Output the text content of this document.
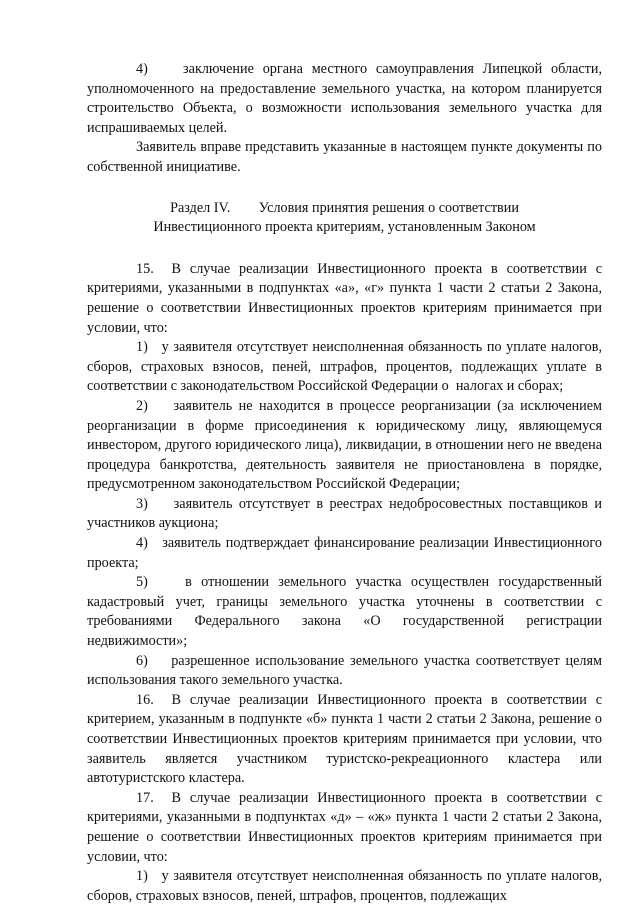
4)    заключение органа местного самоуправления Липецкой области, уполномоченного на предоставление земельного участка, на котором планируется строительство Объекта, о возможности использования земельного участка для испрашиваемых целей.

Заявитель вправе представить указанные в настоящем пункте документы по собственной инициативе.

Раздел IV.        Условия принятия решения о соответствии
Инвестиционного проекта критериям, установленным Законом

15.  В случае реализации Инвестиционного проекта в соответствии с критериями, указанными в подпунктах «а», «г» пункта 1 части 2 статьи 2 Закона, решение о соответствии Инвестиционных проектов критериям принимается при условии, что:

1)   у заявителя отсутствует неисполненная обязанность по уплате налогов, сборов, страховых взносов, пеней, штрафов, процентов, подлежащих уплате в соответствии с законодательством Российской Федерации о  налогах и сборах;

2)    заявитель не находится в процессе реорганизации (за исключением реорганизации в форме присоединения к юридическому лицу, являющемуся инвестором, другого юридического лица), ликвидации, в отношении него не введена процедура банкротства, деятельность заявителя не приостановлена в порядке, предусмотренном законодательством Российской Федерации;

3)    заявитель отсутствует в реестрах недобросовестных поставщиков и участников аукциона;

4)   заявитель подтверждает финансирование реализации Инвестиционного проекта;

5)    в отношении земельного участка осуществлен государственный кадастровый учет, границы земельного участка уточнены в соответствии с требованиями Федерального закона «О государственной регистрации недвижимости»;

6)    разрешенное использование земельного участка соответствует целям использования такого земельного участка.

16.  В случае реализации Инвестиционного проекта в соответствии с критерием, указанным в подпункте «б» пункта 1 части 2 статьи 2 Закона, решение о соответствии Инвестиционных проектов критериям принимается при условии, что заявитель является участником туристско-рекреационного кластера или автотуристского кластера.

17.  В случае реализации Инвестиционного проекта в соответствии с критериями, указанными в подпунктах «д» – «ж» пункта 1 части 2 статьи 2 Закона, решение о соответствии Инвестиционных проектов критериям принимается при условии, что:

1)   у заявителя отсутствует неисполненная обязанность по уплате налогов, сборов, страховых взносов, пеней, штрафов, процентов, подлежащих
